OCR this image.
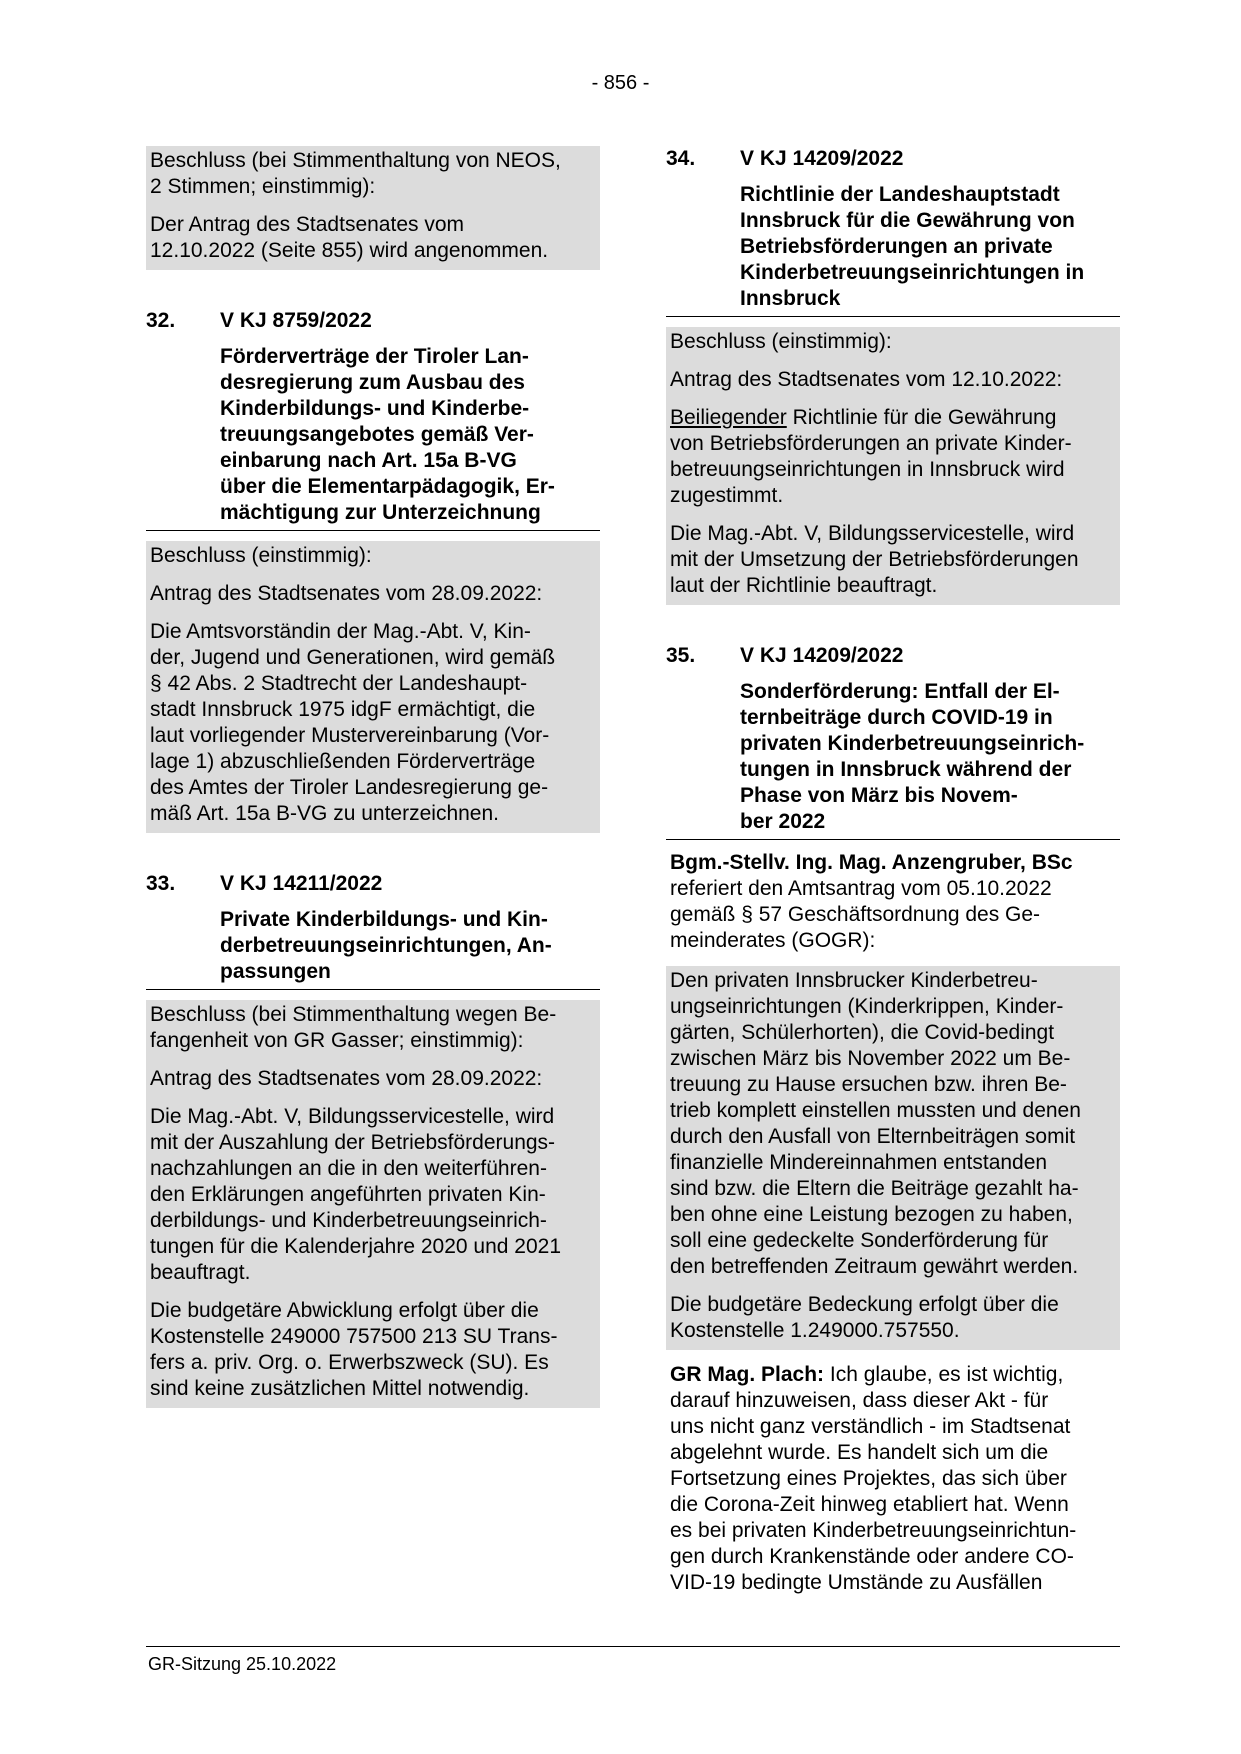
- 856 -

Beschluss (bei Stimmenthaltung von NEOS,
2 Stimmen; einstimmig):

Der Antrag des Stadtsenates vom
12.10.2022 (Seite 855) wird angenommen.

32.	V KJ 8759/2022
Förderverträge der Tiroler Lan-
desregierung zum Ausbau des
Kinderbildungs- und Kinderbe-
treuungsangebotes gemäß Ver-
einbarung nach Art. 15a B-VG
über die Elementarpädagogik, Er-
mächtigung zur Unterzeichnung

Beschluss (einstimmig):

Antrag des Stadtsenates vom 28.09.2022:

Die Amtsvorständin der Mag.-Abt. V, Kin-
der, Jugend und Generationen, wird gemäß
§ 42 Abs. 2 Stadtrecht der Landeshaupt-
stadt Innsbruck 1975 idgF ermächtigt, die
laut vorliegender Mustervereinbarung (Vor-
lage 1) abzuschließenden Förderverträge
des Amtes der Tiroler Landesregierung ge-
mäß Art. 15a B-VG zu unterzeichnen.

33.	V KJ 14211/2022
Private Kinderbildungs- und Kin-
derbetreuungseinrichtungen, An-
passungen

Beschluss (bei Stimmenthaltung wegen Be-
fangenheit von GR Gasser; einstimmig):

Antrag des Stadtsenates vom 28.09.2022:

Die Mag.-Abt. V, Bildungsservicestelle, wird
mit der Auszahlung der Betriebsförderungs-
nachzahlungen an die in den weiterführen-
den Erklärungen angeführten privaten Kin-
derbildungs- und Kinderbetreuungseinrich-
tungen für die Kalenderjahre 2020 und 2021
beauftragt.

Die budgetäre Abwicklung erfolgt über die
Kostenstelle 249000 757500 213 SU Trans-
fers a. priv. Org. o. Erwerbszweck (SU). Es
sind keine zusätzlichen Mittel notwendig.

34.	V KJ 14209/2022
Richtlinie der Landeshauptstadt
Innsbruck für die Gewährung von
Betriebsförderungen an private
Kinderbetreuungseinrichtungen in
Innsbruck

Beschluss (einstimmig):

Antrag des Stadtsenates vom 12.10.2022:

Beiliegender Richtlinie für die Gewährung
von Betriebsförderungen an private Kinder-
betreuungseinrichtungen in Innsbruck wird
zugestimmt.

Die Mag.-Abt. V, Bildungsservicestelle, wird
mit der Umsetzung der Betriebsförderungen
laut der Richtlinie beauftragt.

35.	V KJ 14209/2022
Sonderförderung: Entfall der El-
ternbeiträge durch COVID-19 in
privaten Kinderbetreuungseinrich-
tungen in Innsbruck während der
Phase von März bis Novem-
ber 2022

Bgm.-Stellv. Ing. Mag. Anzengruber, BSc
referiert den Amtsantrag vom 05.10.2022
gemäß § 57 Geschäftsordnung des Ge-
meinderates (GOGR):

Den privaten Innsbrucker Kinderbetreu-
ungseinrichtungen (Kinderkrippen, Kinder-
gärten, Schülerhorten), die Covid-bedingt
zwischen März bis November 2022 um Be-
treuung zu Hause ersuchen bzw. ihren Be-
trieb komplett einstellen mussten und denen
durch den Ausfall von Elternbeiträgen somit
finanzielle Mindereinnahmen entstanden
sind bzw. die Eltern die Beiträge gezahlt ha-
ben ohne eine Leistung bezogen zu haben,
soll eine gedeckelte Sonderförderung für
den betreffenden Zeitraum gewährt werden.

Die budgetäre Bedeckung erfolgt über die
Kostenstelle 1.249000.757550.

GR Mag. Plach: Ich glaube, es ist wichtig,
darauf hinzuweisen, dass dieser Akt - für
uns nicht ganz verständlich - im Stadtsenat
abgelehnt wurde. Es handelt sich um die
Fortsetzung eines Projektes, das sich über
die Corona-Zeit hinweg etabliert hat. Wenn
es bei privaten Kinderbetreuungseinrichtun-
gen durch Krankenstände oder andere CO-
VID-19 bedingte Umstände zu Ausfällen

GR-Sitzung 25.10.2022
